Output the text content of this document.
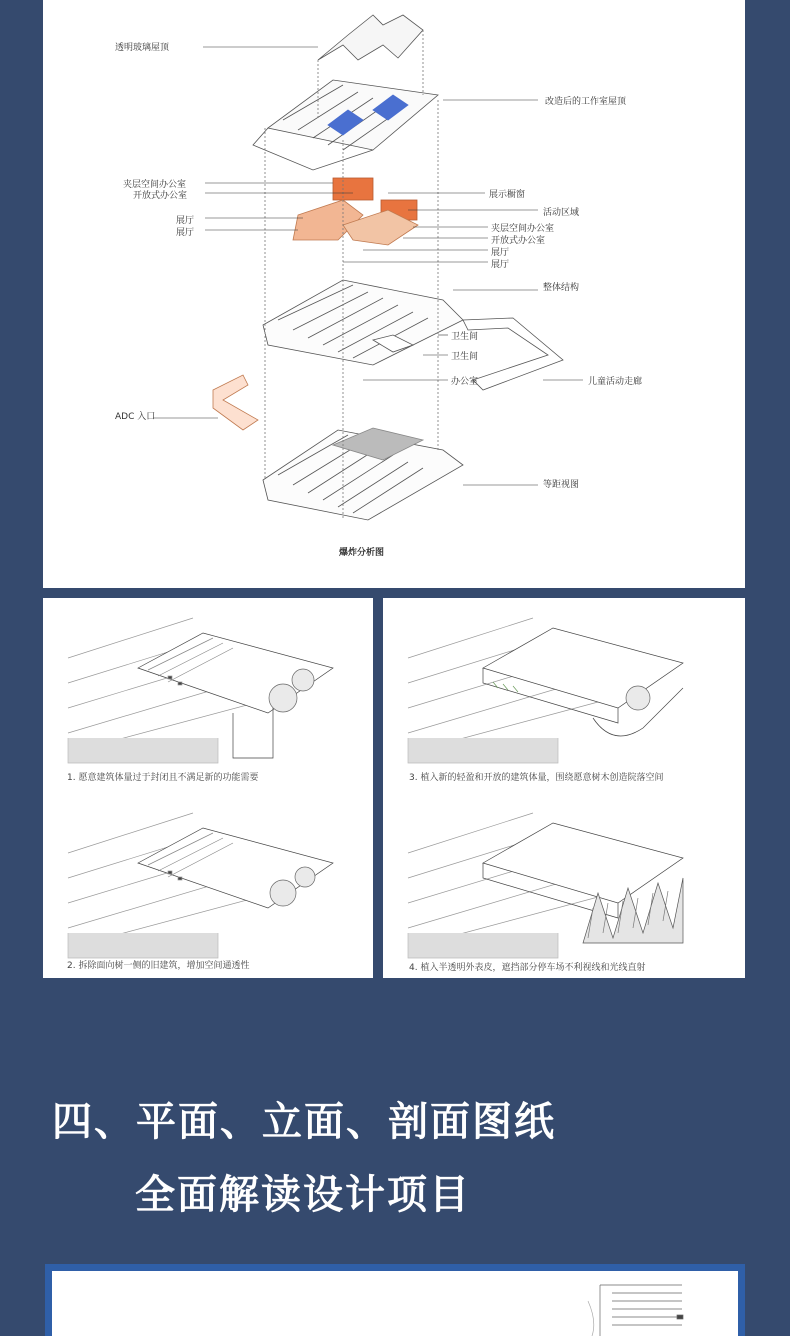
透明玻璃屋顶
改造后的工作室屋顶
夹层空间办公室
开放式办公室
展厅
展厅
展示橱窗
活动区域
夹层空间办公室
开放式办公室
展厅
展厅
整体结构
卫生间
卫生间
办公室	儿童活动走廊
ADC 入口
等距视图
爆炸分析图
1. 愿意建筑体量过于封闭且不满足新的功能需要
2. 拆除面向树一侧的旧建筑，增加空间通透性
3. 植入新的轻盈和开放的建筑体量，围绕愿意树木创造院落空间
4. 植入半透明外表皮，遮挡部分停车场不利视线和光线直射
四、平面、立面、剖面图纸
全面解读设计项目
